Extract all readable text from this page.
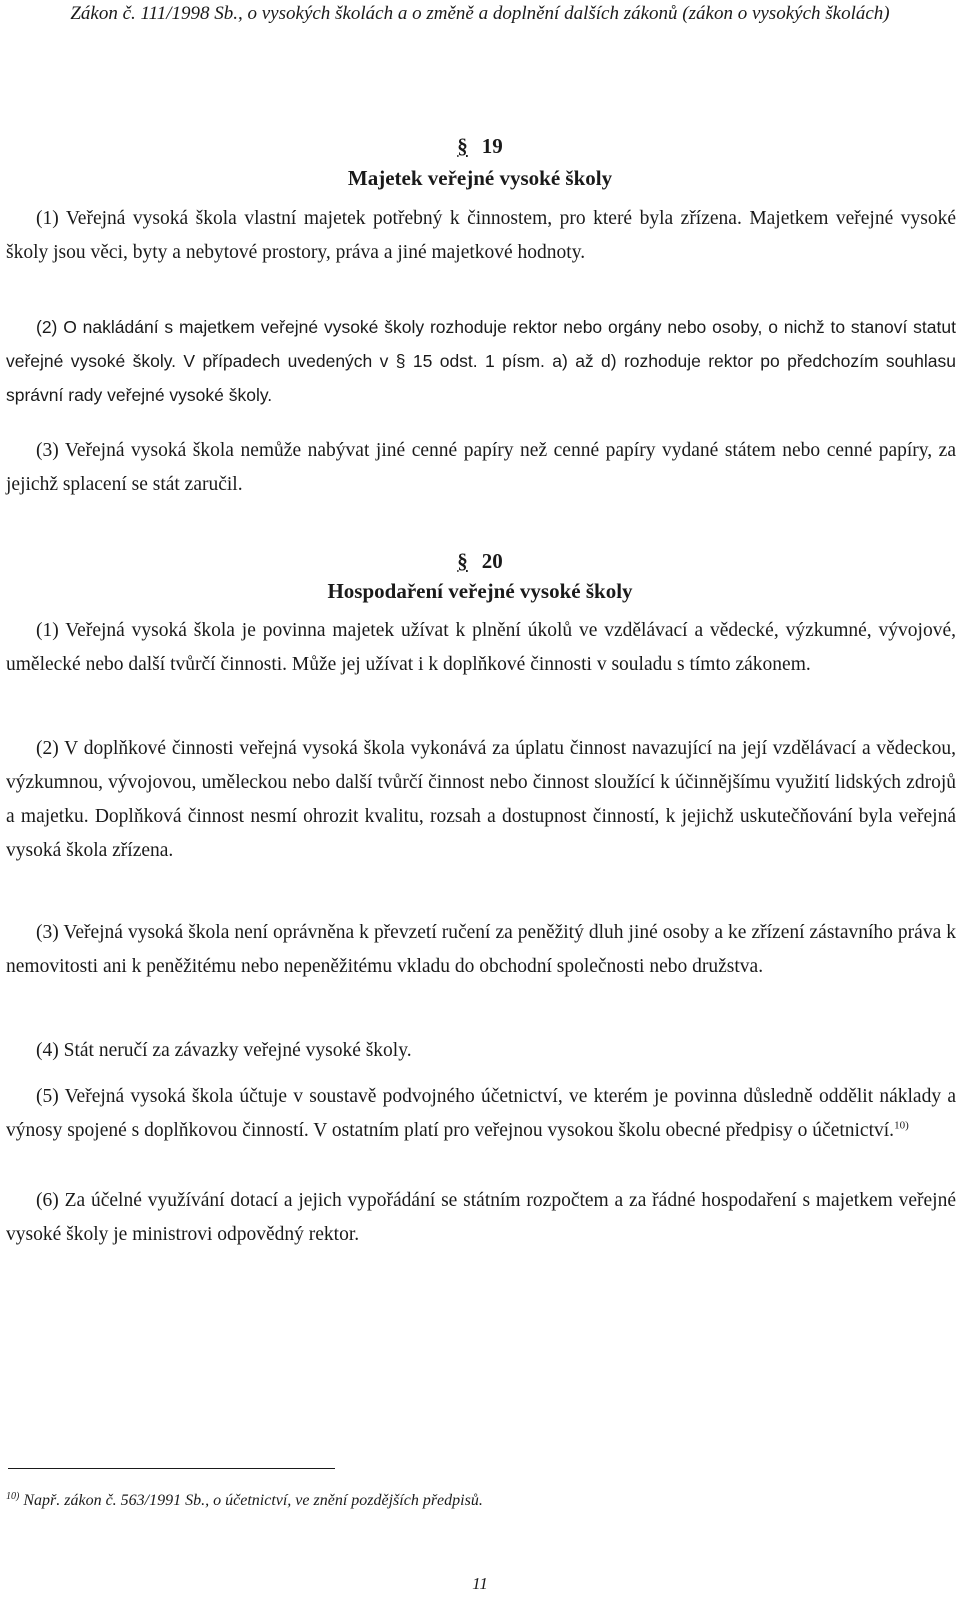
Zákon č. 111/1998 Sb., o vysokých školách a o změně a doplnění dalších zákonů (zákon o vysokých školách)
§ 19
Majetek veřejné vysoké školy

(1) Veřejná vysoká škola vlastní majetek potřebný k činnostem, pro které byla zřízena. Majetkem veřejné vysoké školy jsou věci, byty a nebytové prostory, práva a jiné majetkové hodnoty.

(2) O nakládání s majetkem veřejné vysoké školy rozhoduje rektor nebo orgány nebo osoby, o nichž to stanoví statut veřejné vysoké školy. V případech uvedených v § 15 odst. 1 písm. a) až d) rozhoduje rektor po předchozím souhlasu správní rady veřejné vysoké školy.

(3) Veřejná vysoká škola nemůže nabývat jiné cenné papíry než cenné papíry vydané státem nebo cenné papíry, za jejichž splacení se stát zaručil.

§ 20
Hospodaření veřejné vysoké školy

(1) Veřejná vysoká škola je povinna majetek užívat k plnění úkolů ve vzdělávací a vědecké, výzkumné, vývojové, umělecké nebo další tvůrčí činnosti. Může jej užívat i k doplňkové činnosti v souladu s tímto zákonem.

(2) V doplňkové činnosti veřejná vysoká škola vykonává za úplatu činnost navazující na její vzdělávací a vědeckou, výzkumnou, vývojovou, uměleckou nebo další tvůrčí činnost nebo činnost sloužící k účinnějšímu využití lidských zdrojů a majetku. Doplňková činnost nesmí ohrozit kvalitu, rozsah a dostupnost činností, k jejichž uskutečňování byla veřejná vysoká škola zřízena.

(3) Veřejná vysoká škola není oprávněna k převzetí ručení za peněžitý dluh jiné osoby a ke zřízení zástavního práva k nemovitosti ani k peněžitému nebo nepeněžitému vkladu do obchodní společnosti nebo družstva.

(4) Stát neručí za závazky veřejné vysoké školy.

(5) Veřejná vysoká škola účtuje v soustavě podvojného účetnictví, ve kterém je povinna důsledně oddělit náklady a výnosy spojené s doplňkovou činností. V ostatním platí pro veřejnou vysokou školu obecné předpisy o účetnictví.$^{10)}$

(6) Za účelné využívání dotací a jejich vypořádání se státním rozpočtem a za řádné hospodaření s majetkem veřejné vysoké školy je ministrovi odpovědný rektor.

$^{10)}$ Např. zákon č. 563/1991 Sb., o účetnictví, ve znění pozdějších předpisů.
11
